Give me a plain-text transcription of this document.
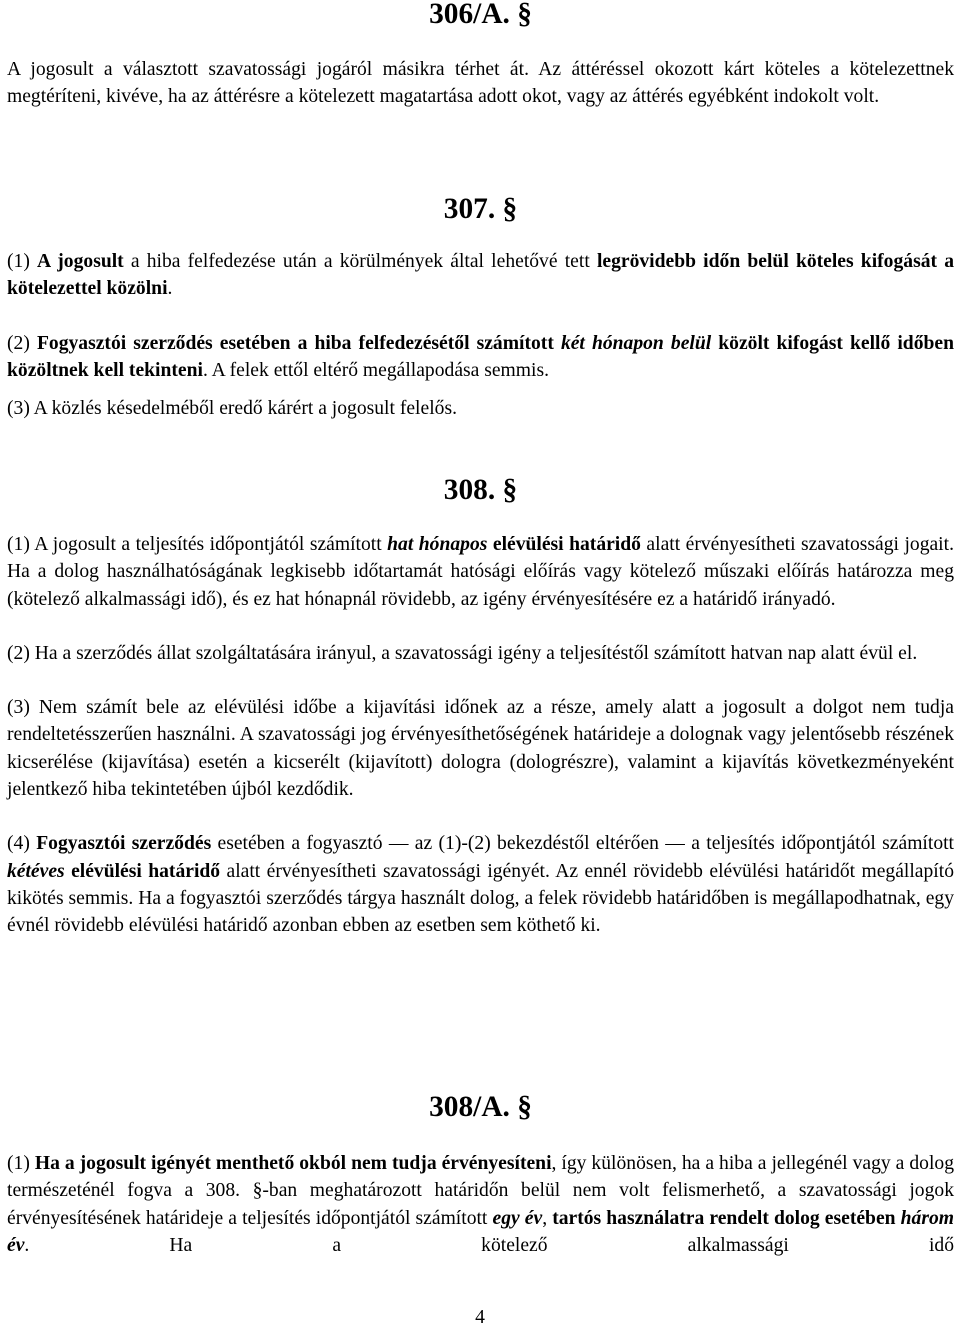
306/A. §

A jogosult a választott szavatossági jogáról másikra térhet át. Az áttéréssel okozott kárt köteles a kötelezettnek megtéríteni, kivéve, ha az áttérésre a kötelezett magatartása adott okot, vagy az áttérés egyébként indokolt volt.

307. §

(1) A jogosult a hiba felfedezése után a körülmények által lehetővé tett legrövidebb időn belül köteles kifogását a kötelezettel közölni.

(2) Fogyasztói szerződés esetében a hiba felfedezésétől számított két hónapon belül közölt kifogást kellő időben közöltnek kell tekinteni. A felek ettől eltérő megállapodása semmis.

(3) A közlés késedelméből eredő kárért a jogosult felelős.

308. §

(1) A jogosult a teljesítés időpontjától számított hat hónapos elévülési határidő alatt érvényesítheti szavatossági jogait. Ha a dolog használhatóságának legkisebb időtartamát hatósági előírás vagy kötelező műszaki előírás határozza meg (kötelező alkalmassági idő), és ez hat hónapnál rövidebb, az igény érvényesítésére ez a határidő irányadó.

(2) Ha a szerződés állat szolgáltatására irányul, a szavatossági igény a teljesítéstől számított hatvan nap alatt évül el.

(3) Nem számít bele az elévülési időbe a kijavítási időnek az a része, amely alatt a jogosult a dolgot nem tudja rendeltetésszerűen használni. A szavatossági jog érvényesíthetőségének határideje a dolognak vagy jelentősebb részének kicserélése (kijavítása) esetén a kicserélt (kijavított) dologra (dologrészre), valamint a kijavítás következményeként jelentkező hiba tekintetében újból kezdődik.

(4) Fogyasztói szerződés esetében a fogyasztó — az (1)-(2) bekezdéstől eltérően — a teljesítés időpontjától számított kétéves elévülési határidő alatt érvényesítheti szavatossági igényét. Az ennél rövidebb elévülési határidőt megállapító kikötés semmis. Ha a fogyasztói szerződés tárgya használt dolog, a felek rövidebb határidőben is megállapodhatnak, egy évnél rövidebb elévülési határidő azonban ebben az esetben sem köthető ki.

308/A. §

(1) Ha a jogosult igényét menthető okból nem tudja érvényesíteni, így különösen, ha a hiba a jellegénél vagy a dolog természeténél fogva a 308. §-ban meghatározott határidőn belül nem volt felismerhető, a szavatossági jogok érvényesítésének határideje a teljesítés időpontjától számított egy év, tartós használatra rendelt dolog esetében három év. Ha a kötelező alkalmassági idő

4
